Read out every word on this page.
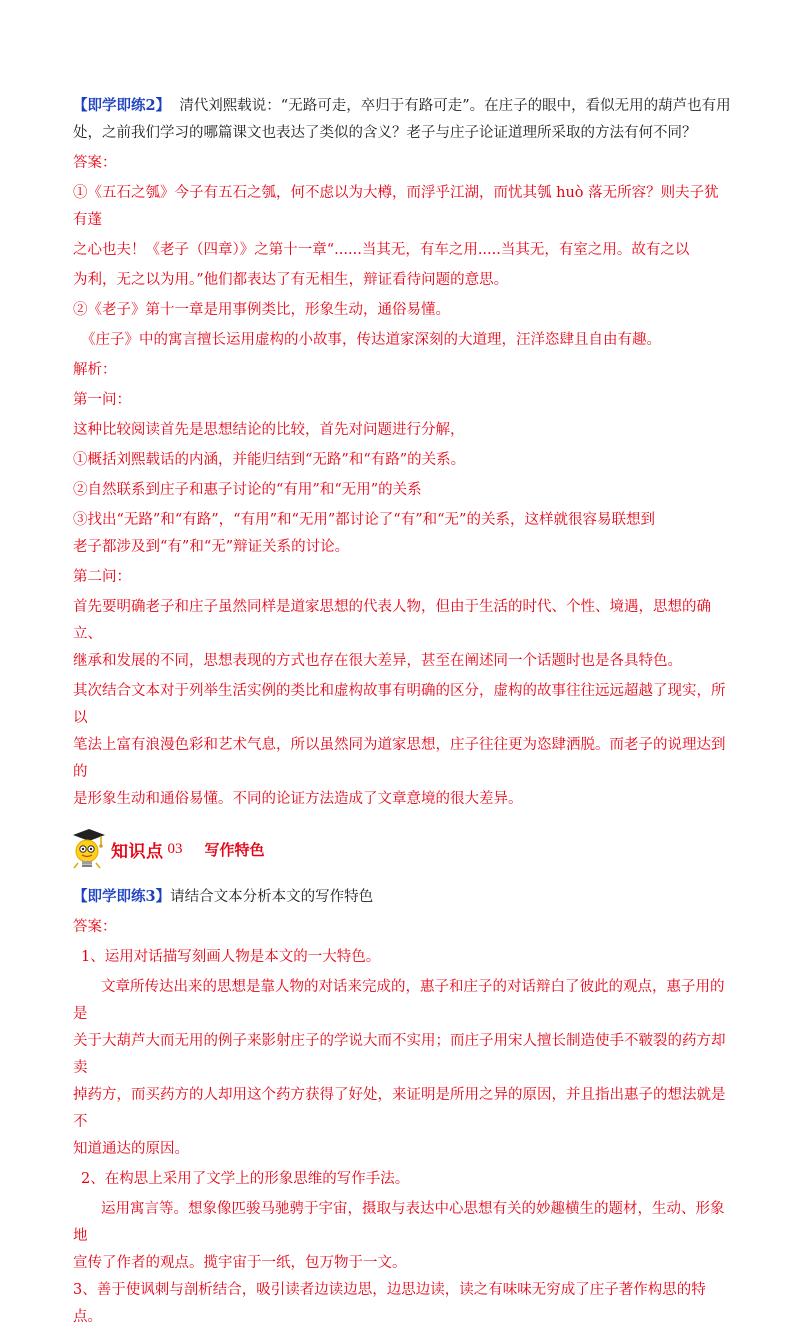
【即学即练2】 清代刘熙载说：“无路可走，卒归于有路可走”。在庄子的眼中，看似无用的葫芦也有用

处，之前我们学习的哪篇课文也表达了类似的含义？老子与庄子论证道理所采取的方法有何不同？

答案：

①《五石之瓠》今子有五石之瓠，何不虑以为大樽，而浮乎江湖，而忧其瓠 huò 落无所容？则夫子犹有蓬

之心也夫！《老子（四章）》之第十一章“......当其无，有车之用.....当其无，有室之用。故有之以

为利，无之以为用。”他们都表达了有无相生，辩证看待问题的意思。

②《老子》第十一章是用事例类比，形象生动，通俗易懂。

《庄子》中的寓言擅长运用虚构的小故事，传达道家深刻的大道理，汪洋恣肆且自由有趣。

解析：

第一问：

这种比较阅读首先是思想结论的比较，首先对问题进行分解，

①概括刘熙载话的内涵，并能归结到“无路”和“有路”的关系。

②自然联系到庄子和惠子讨论的“有用”和“无用”的关系

③找出“无路”和“有路”，“有用”和“无用”都讨论了“有”和“无”的关系，这样就很容易联想到

老子都涉及到“有”和“无”辩证关系的讨论。

第二问：

首先要明确老子和庄子虽然同样是道家思想的代表人物，但由于生活的时代、个性、境遇，思想的确立、

继承和发展的不同，思想表现的方式也存在很大差异，甚至在阐述同一个话题时也是各具特色。

其次结合文本对于列举生活实例的类比和虚构故事有明确的区分，虚构的故事往往远远超越了现实，所以

笔法上富有浪漫色彩和艺术气息，所以虽然同为道家思想，庄子往往更为恣肆洒脱。而老子的说理达到的

是形象生动和通俗易懂。不同的论证方法造成了文章意境的很大差异。

知识点 03 写作特色

【即学即练3】请结合文本分析本文的写作特色

答案：

1、运用对话描写刻画人物是本文的一大特色。

文章所传达出来的思想是靠人物的对话来完成的，惠子和庄子的对话辩白了彼此的观点，惠子用的是

关于大葫芦大而无用的例子来影射庄子的学说大而不实用；而庄子用宋人擅长制造使手不皲裂的药方却卖

掉药方，而买药方的人却用这个药方获得了好处，来证明是所用之异的原因，并且指出惠子的想法就是不

知道通达的原因。

2、在构思上采用了文学上的形象思维的写作手法。

运用寓言等。想象像匹骏马驰骋于宇宙，摄取与表达中心思想有关的妙趣横生的题材，生动、形象地

宣传了作者的观点。揽宇宙于一纸，包万物于一文。

3、善于使讽刺与剖析结合，吸引读者边读边思，边思边读，读之有味味无穷成了庄子著作构思的特点。
